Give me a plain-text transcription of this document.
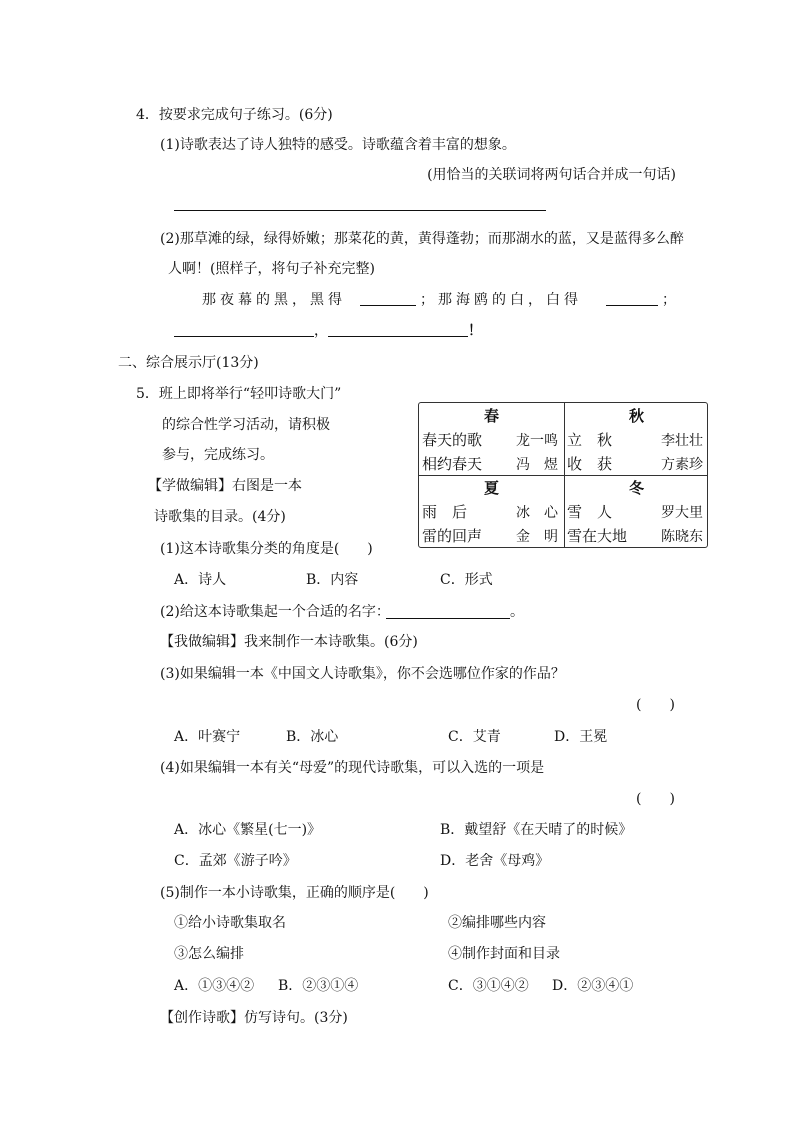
4．按要求完成句子练习。(6分)
(1)诗歌表达了诗人独特的感受。诗歌蕴含着丰富的想象。
(用恰当的关联词将两句话合并成一句话)
(2)那草滩的绿，绿得娇嫩；那菜花的黄，黄得蓬勃；而那湖水的蓝，又是蓝得多么醉
人啊！(照样子，将句子补充完整)
那夜幕的黑，黑得	；那海鸥的白，白得	；
，	！
二、综合展示厅(13分)
5．班上即将举行“轻叩诗歌大门”
的综合性学习活动，请积极
参与，完成练习。
【学做编辑】右图是一本
诗歌集的目录。(4分)
春
春天的歌 龙一鸣
相约春天 冯　煜
秋
立　秋	李壮壮
收　获	方素珍
夏
雨　后	冰　心
雷的回声 金　明
冬
雪　人	罗大里
雪在大地 陈晓东
(1)这本诗歌集分类的角度是(　　)
A．诗人	B．内容	C．形式
(2)给这本诗歌集起一个合适的名字：	。
【我做编辑】我来制作一本诗歌集。(6分)
(3)如果编辑一本《中国文人诗歌集》，你不会选哪位作家的作品？
(　　)
A．叶赛宁	B．冰心	C．艾青	D．王冕
(4)如果编辑一本有关“母爱”的现代诗歌集，可以入选的一项是
(　　)
A．冰心《繁星(七一)》	B．戴望舒《在天晴了的时候》
C．孟郊《游子吟》	D．老舍《母鸡》
(5)制作一本小诗歌集，正确的顺序是(　　)
①给小诗歌集取名	②编排哪些内容
③怎么编排	④制作封面和目录
A．①③④② B．②③①④	C．③①④② D．②③④①
【创作诗歌】仿写诗句。(3分)
